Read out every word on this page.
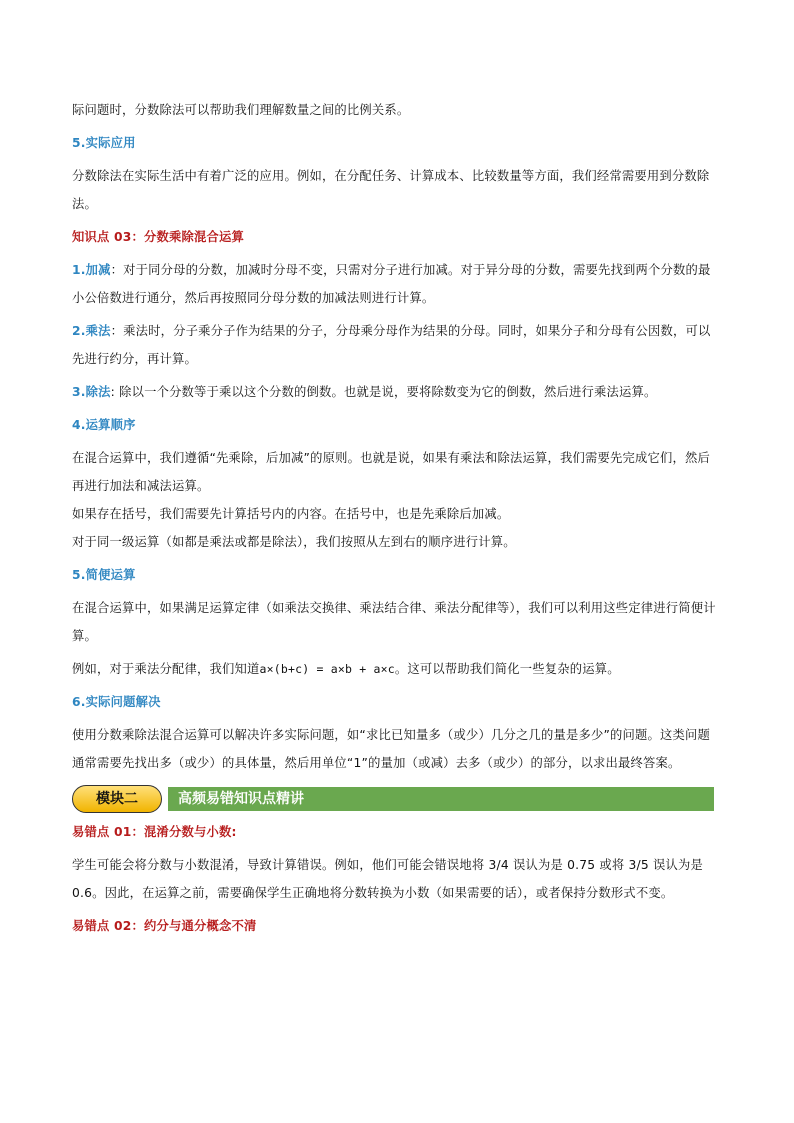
际问题时，分数除法可以帮助我们理解数量之间的比例关系。

5.实际应用

分数除法在实际生活中有着广泛的应用。例如，在分配任务、计算成本、比较数量等方面，我们经常需要用到分数除法。

知识点 03：分数乘除混合运算

1.加减：对于同分母的分数，加减时分母不变，只需对分子进行加减。对于异分母的分数，需要先找到两个分数的最小公倍数进行通分，然后再按照同分母分数的加减法则进行计算。

2.乘法：乘法时，分子乘分子作为结果的分子，分母乘分母作为结果的分母。同时，如果分子和分母有公因数，可以先进行约分，再计算。

3.除法: 除以一个分数等于乘以这个分数的倒数。也就是说，要将除数变为它的倒数，然后进行乘法运算。

4.运算顺序

在混合运算中，我们遵循“先乘除，后加减”的原则。也就是说，如果有乘法和除法运算，我们需要先完成它们，然后再进行加法和减法运算。

如果存在括号，我们需要先计算括号内的内容。在括号中，也是先乘除后加减。

对于同一级运算（如都是乘法或都是除法），我们按照从左到右的顺序进行计算。

5.简便运算

在混合运算中，如果满足运算定律（如乘法交换律、乘法结合律、乘法分配律等），我们可以利用这些定律进行简便计算。

例如，对于乘法分配律，我们知道a×(b+c) = a×b + a×c。这可以帮助我们简化一些复杂的运算。

6.实际问题解决

使用分数乘除法混合运算可以解决许多实际问题，如“求比已知量多（或少）几分之几的量是多少”的问题。这类问题通常需要先找出多（或少）的具体量，然后用单位“1”的量加（或减）去多（或少）的部分，以求出最终答案。

高频易错知识点精讲
模块二

易错点 01：混淆分数与小数:

学生可能会将分数与小数混淆，导致计算错误。例如，他们可能会错误地将 3/4 误认为是 0.75 或将 3/5 误认为是 0.6。因此，在运算之前，需要确保学生正确地将分数转换为小数（如果需要的话），或者保持分数形式不变。

易错点 02：约分与通分概念不清
